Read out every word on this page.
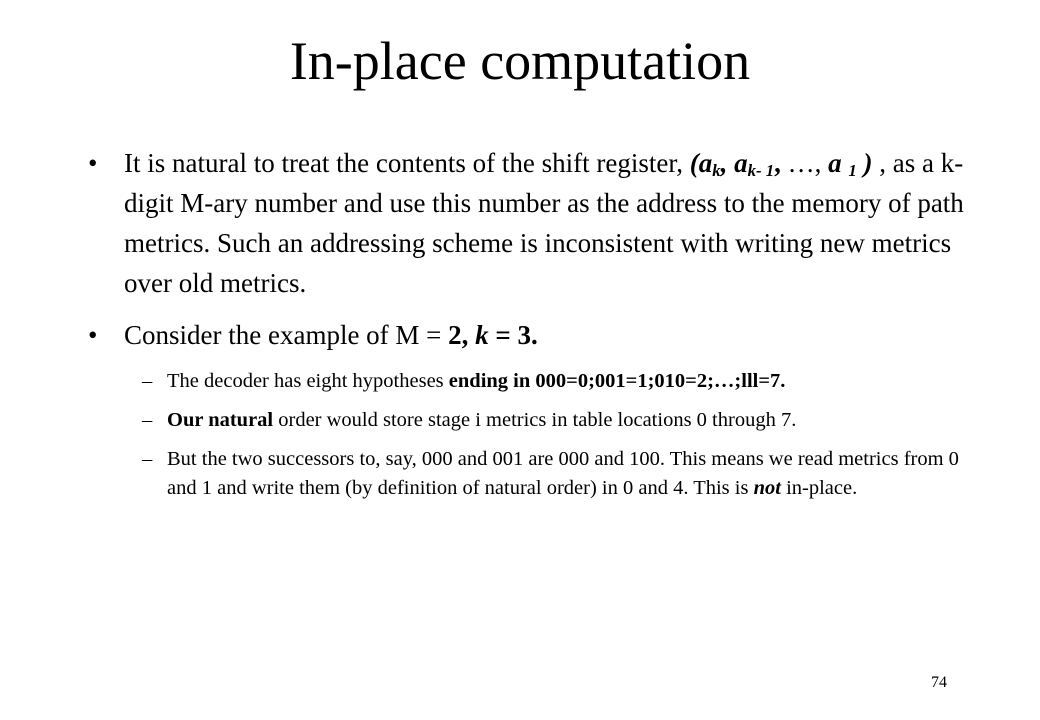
In-place computation
• It is natural to treat the contents of the shift register, ($a_k$, $a_{k- 1}$, …, a $_1$ ) , as a k-digit M-ary number and use this number as the address to the memory of path metrics. Such an addressing scheme is inconsistent with writing new metrics over old metrics.
• Consider the example of M = 2, k = 3.
– The decoder has eight hypotheses ending in 000=0;001=1;010=2;…;lll=7.
– Our natural order would store stage i metrics in table locations 0 through 7.
– But the two successors to, say, 000 and 001 are 000 and 100. This means we read metrics from 0 and 1 and write them (by definition of natural order) in 0 and 4. This is not in-place.
74
